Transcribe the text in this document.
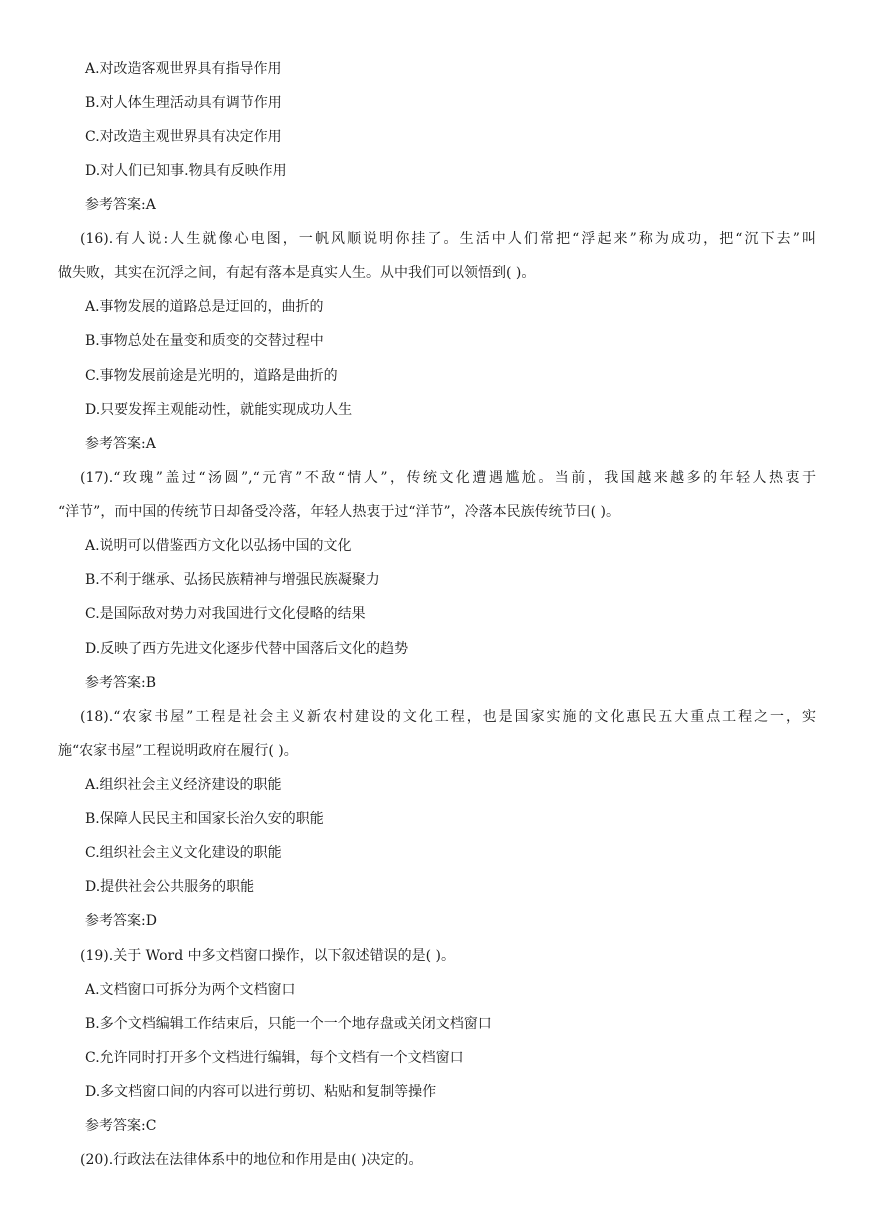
A.对改造客观世界具有指导作用
B.对人体生理活动具有调节作用
C.对改造主观世界具有决定作用
D.对人们已知事.物具有反映作用
参考答案:A
(16).有人说:人生就像心电图，一帆风顺说明你挂了。生活中人们常把“浮起来”称为成功，把“沉下去”叫
做失败，其实在沉浮之间，有起有落本是真实人生。从中我们可以领悟到( )。
A.事物发展的道路总是迂回的，曲折的
B.事物总处在量变和质变的交替过程中
C.事物发展前途是光明的，道路是曲折的
D.只要发挥主观能动性，就能实现成功人生
参考答案:A
(17).“玫瑰”盖过“汤圆”,“元宵”不敌“情人”，传统文化遭遇尴尬。当前，我国越来越多的年轻人热衷于
“洋节”，而中国的传统节日却备受冷落，年轻人热衷于过“洋节”，冷落本民族传统节曰( )。
A.说明可以借鉴西方文化以弘扬中国的文化
B.不利于继承、弘扬民族精神与增强民族凝聚力
C.是国际敌对势力对我国进行文化侵略的结果
D.反映了西方先进文化逐步代替中国落后文化的趋势
参考答案:B
(18).“农家书屋”工程是社会主义新农村建设的文化工程，也是国家实施的文化惠民五大重点工程之一，实
施“农家书屋”工程说明政府在履行( )。
A.组织社会主义经济建设的职能
B.保障人民民主和国家长治久安的职能
C.组织社会主义文化建设的职能
D.提供社会公共服务的职能
参考答案:D
(19).关于 Word 中多文档窗口操作，以下叙述错误的是( )。
A.文档窗口可拆分为两个文档窗口
B.多个文档编辑工作结束后，只能一个一个地存盘或关闭文档窗口
C.允许同时打开多个文档进行编辑，每个文档有一个文档窗口
D.多文档窗口间的内容可以进行剪切、粘贴和复制等操作
参考答案:C
(20).行政法在法律体系中的地位和作用是由( )决定的。
